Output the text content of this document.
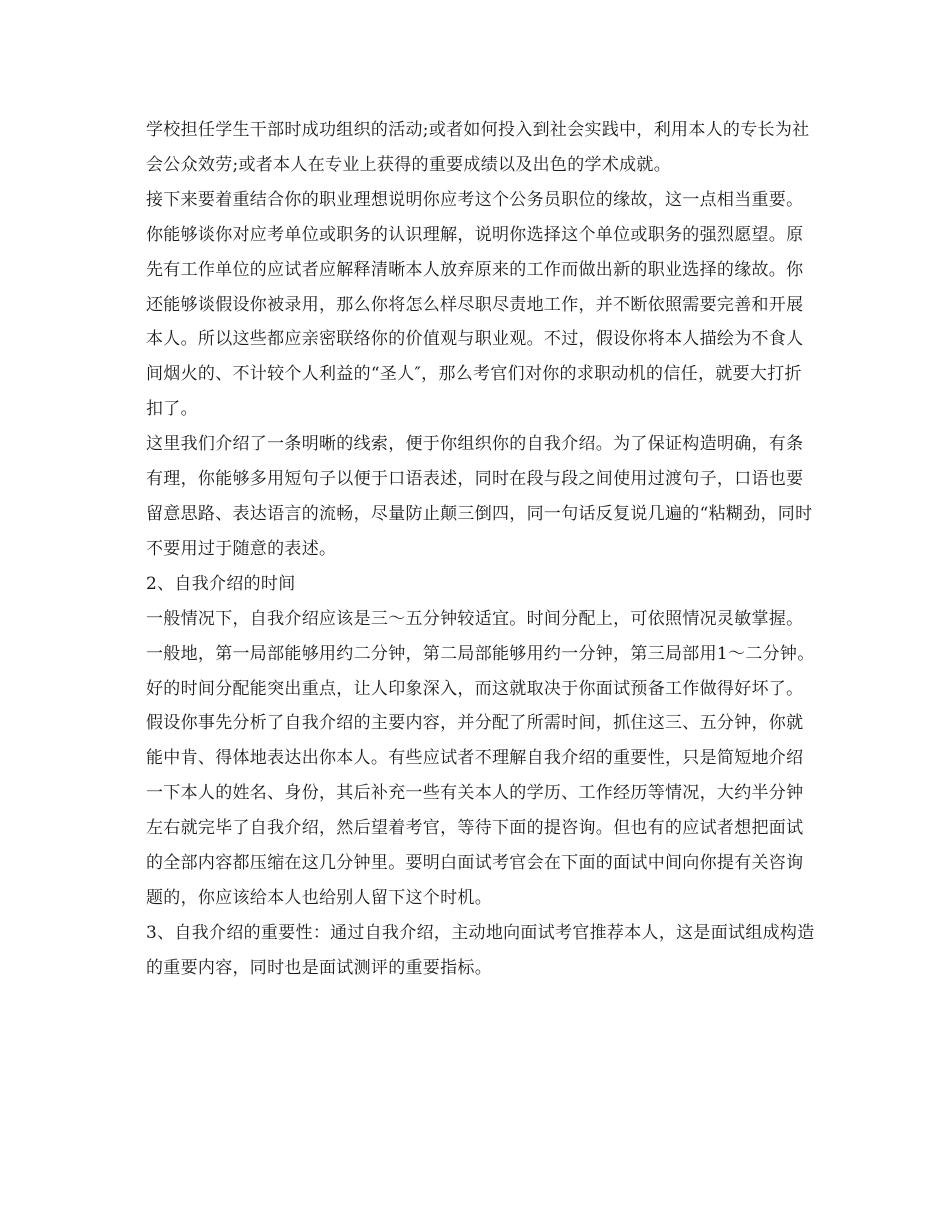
学校担任学生干部时成功组织的活动;或者如何投入到社会实践中，利用本人的专长为社会公众效劳;或者本人在专业上获得的重要成绩以及出色的学术成就。

接下来要着重结合你的职业理想说明你应考这个公务员职位的缘故，这一点相当重要。你能够谈你对应考单位或职务的认识理解，说明你选择这个单位或职务的强烈愿望。原先有工作单位的应试者应解释清晰本人放弃原来的工作而做出新的职业选择的缘故。你还能够谈假设你被录用，那么你将怎么样尽职尽责地工作，并不断依照需要完善和开展本人。所以这些都应亲密联络你的价值观与职业观。不过，假设你将本人描绘为不食人间烟火的、不计较个人利益的“圣人″，那么考官们对你的求职动机的信任，就要大打折扣了。

这里我们介绍了一条明晰的线索，便于你组织你的自我介绍。为了保证构造明确，有条有理，你能够多用短句子以便于口语表述，同时在段与段之间使用过渡句子，口语也要留意思路、表达语言的流畅，尽量防止颠三倒四，同一句话反复说几遍的“粘糊劲，同时不要用过于随意的表述。

2、自我介绍的时间

一般情况下，自我介绍应该是三～五分钟较适宜。时间分配上，可依照情况灵敏掌握。一般地，第一局部能够用约二分钟，第二局部能够用约一分钟，第三局部用1～二分钟。

好的时间分配能突出重点，让人印象深入，而这就取决于你面试预备工作做得好坏了。假设你事先分析了自我介绍的主要内容，并分配了所需时间，抓住这三、五分钟，你就能中肯、得体地表达出你本人。有些应试者不理解自我介绍的重要性，只是简短地介绍一下本人的姓名、身份，其后补充一些有关本人的学历、工作经历等情况，大约半分钟左右就完毕了自我介绍，然后望着考官，等待下面的提咨询。但也有的应试者想把面试的全部内容都压缩在这几分钟里。要明白面试考官会在下面的面试中间向你提有关咨询题的，你应该给本人也给别人留下这个时机。

3、自我介绍的重要性：通过自我介绍，主动地向面试考官推荐本人，这是面试组成构造的重要内容，同时也是面试测评的重要指标。
